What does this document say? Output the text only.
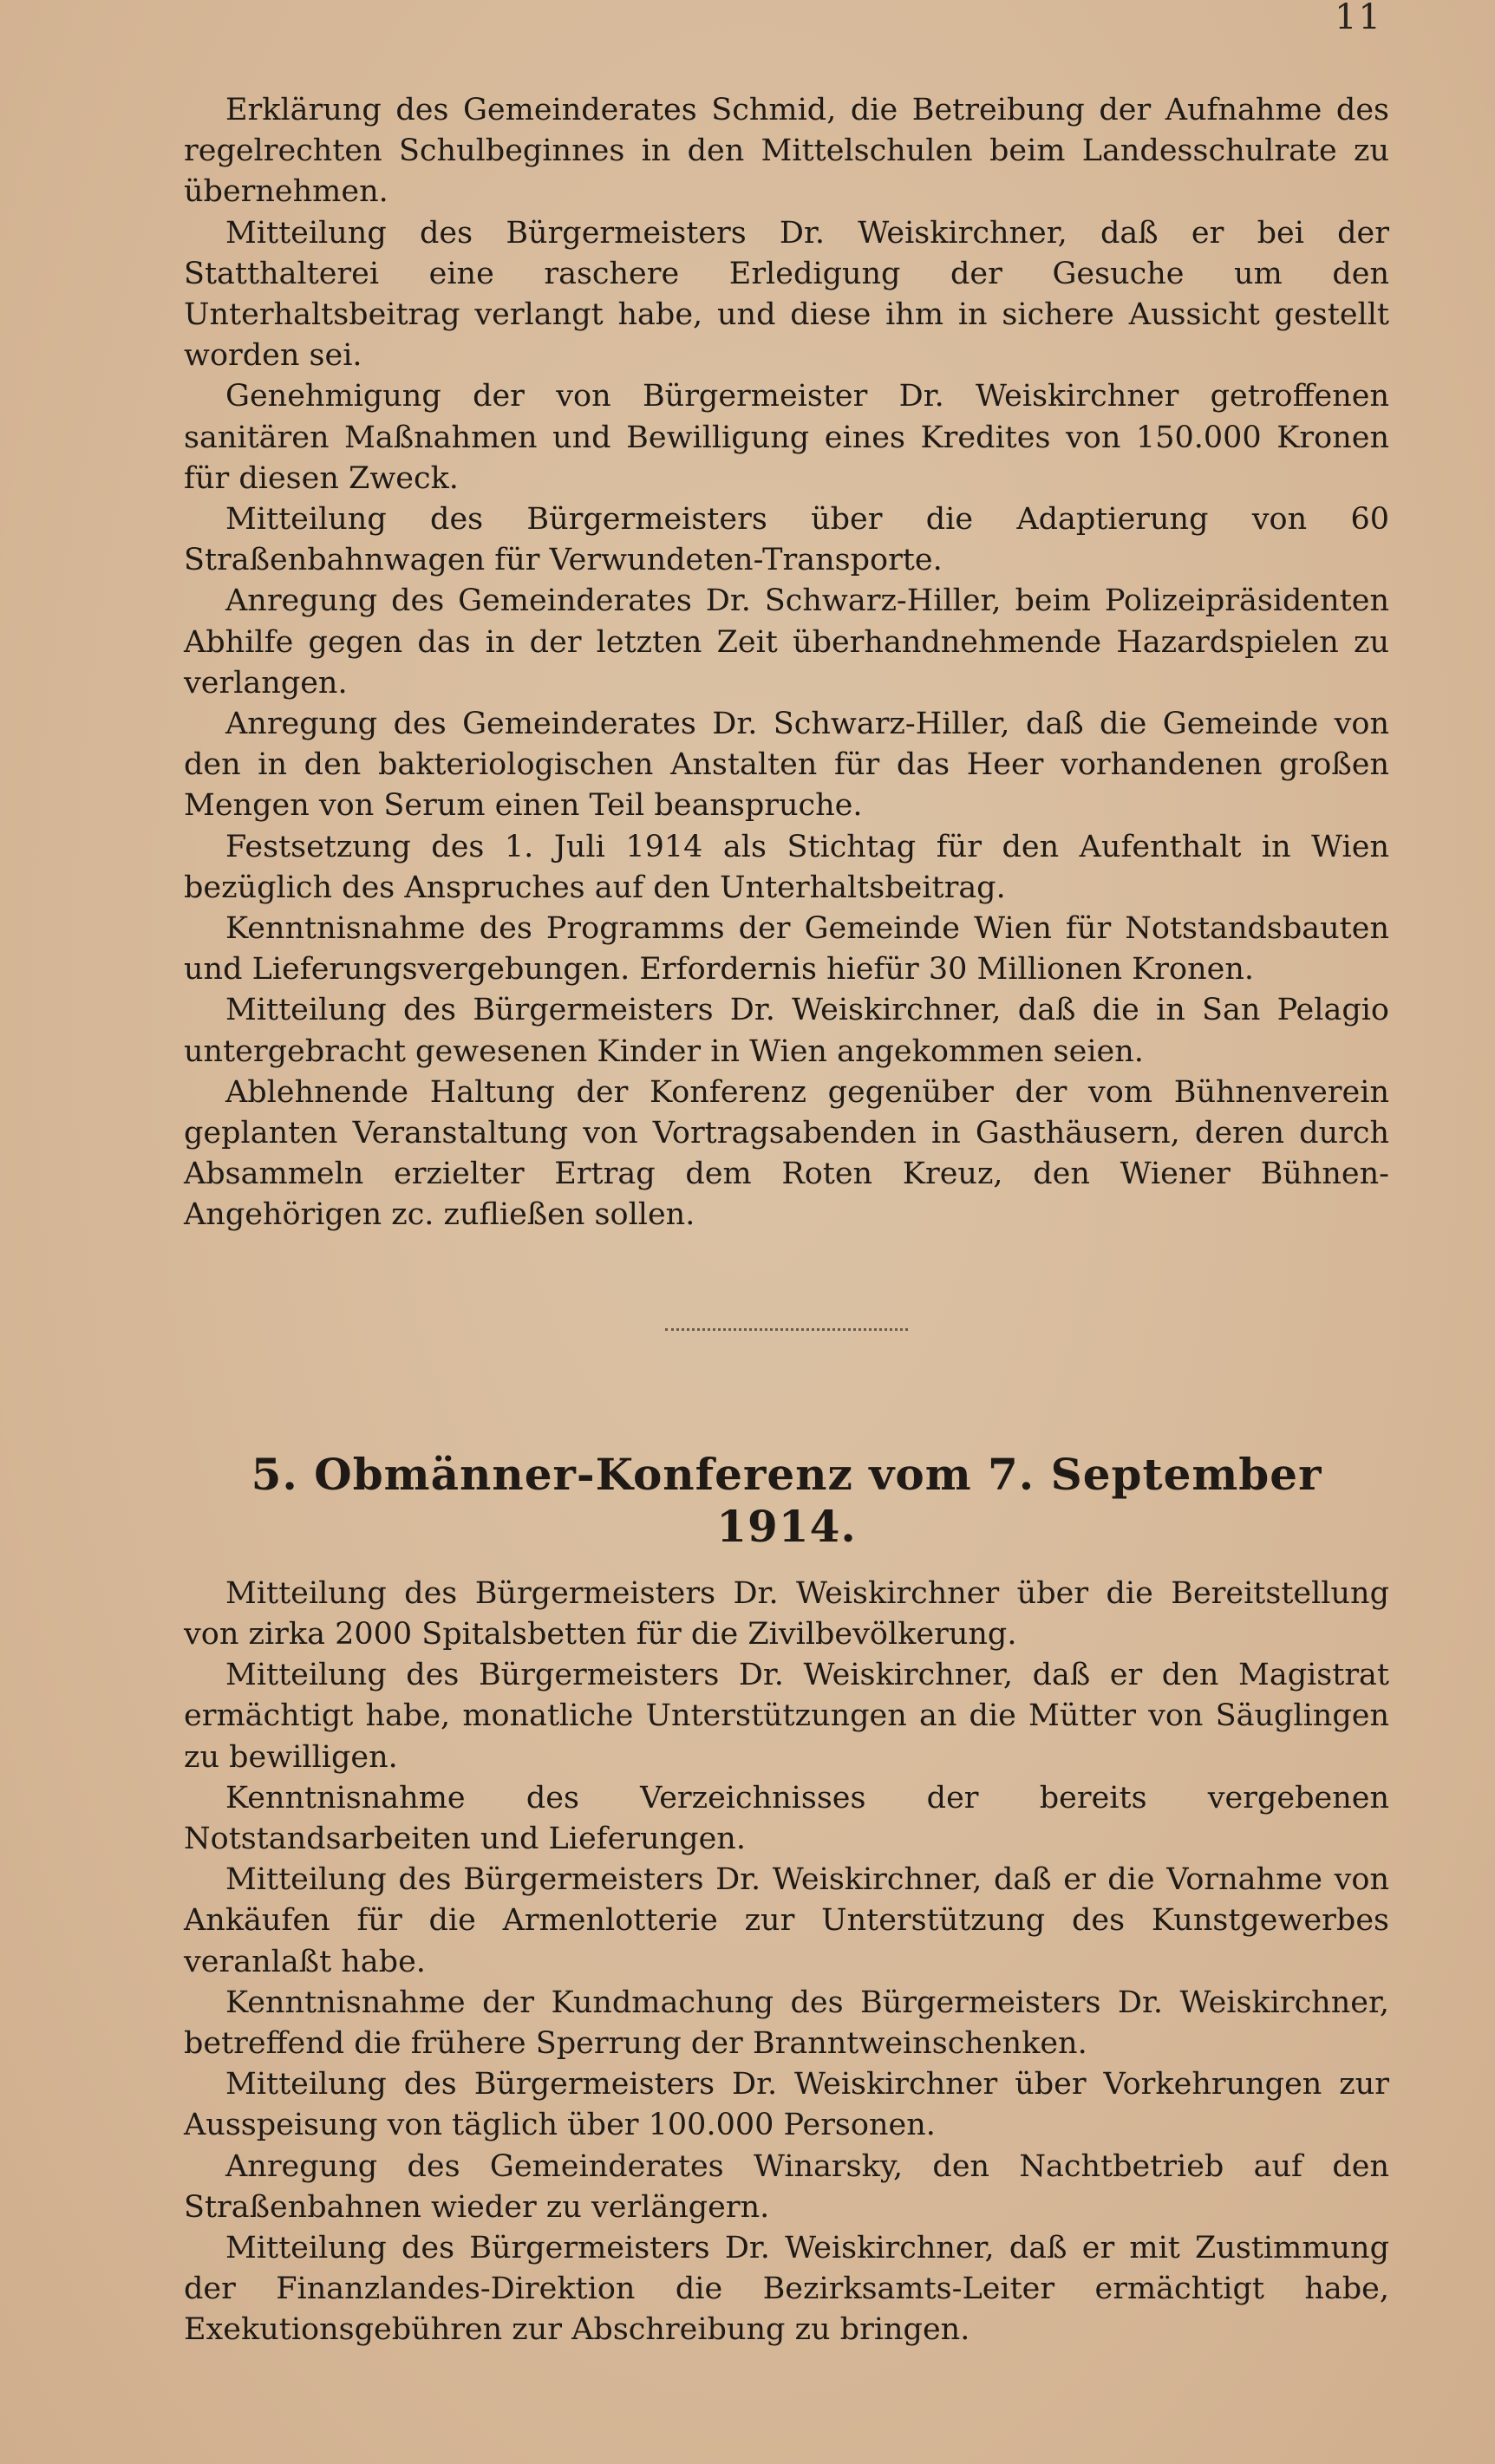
11

Erklärung des Gemeinderates Schmid, die Betreibung der Aufnahme des regelrechten Schulbeginnes in den Mittelschulen beim Landesschulrate zu übernehmen.

Mitteilung des Bürgermeisters Dr. Weiskirchner, daß er bei der Statthalterei eine raschere Erledigung der Gesuche um den Unterhaltsbeitrag verlangt habe, und diese ihm in sichere Aussicht gestellt worden sei.

Genehmigung der von Bürgermeister Dr. Weiskirchner getroffenen sanitären Maßnahmen und Bewilligung eines Kredites von 150.000 Kronen für diesen Zweck.

Mitteilung des Bürgermeisters über die Adaptierung von 60 Straßenbahnwagen für Verwundeten-Transporte.

Anregung des Gemeinderates Dr. Schwarz-Hiller, beim Polizeipräsidenten Abhilfe gegen das in der letzten Zeit überhandnehmende Hazardspielen zu verlangen.

Anregung des Gemeinderates Dr. Schwarz-Hiller, daß die Gemeinde von den in den bakteriologischen Anstalten für das Heer vorhandenen großen Mengen von Serum einen Teil beanspruche.

Festsetzung des 1. Juli 1914 als Stichtag für den Aufenthalt in Wien bezüglich des Anspruches auf den Unterhaltsbeitrag.

Kenntnisnahme des Programms der Gemeinde Wien für Notstandsbauten und Lieferungsvergebungen. Erfordernis hiefür 30 Millionen Kronen.

Mitteilung des Bürgermeisters Dr. Weiskirchner, daß die in San Pelagio untergebracht gewesenen Kinder in Wien angekommen seien.

Ablehnende Haltung der Konferenz gegenüber der vom Bühnenverein geplanten Veranstaltung von Vortragsabenden in Gasthäusern, deren durch Absammeln erzielter Ertrag dem Roten Kreuz, den Wiener Bühnen-Angehörigen zc. zufließen sollen.

5. Obmänner-Konferenz vom 7. September 1914.

Mitteilung des Bürgermeisters Dr. Weiskirchner über die Bereitstellung von zirka 2000 Spitalsbetten für die Zivilbevölkerung.

Mitteilung des Bürgermeisters Dr. Weiskirchner, daß er den Magistrat ermächtigt habe, monatliche Unterstützungen an die Mütter von Säuglingen zu bewilligen.

Kenntnisnahme des Verzeichnisses der bereits vergebenen Notstandsarbeiten und Lieferungen.

Mitteilung des Bürgermeisters Dr. Weiskirchner, daß er die Vornahme von Ankäufen für die Armenlotterie zur Unterstützung des Kunstgewerbes veranlaßt habe.

Kenntnisnahme der Kundmachung des Bürgermeisters Dr. Weiskirchner, betreffend die frühere Sperrung der Branntweinschenken.

Mitteilung des Bürgermeisters Dr. Weiskirchner über Vorkehrungen zur Ausspeisung von täglich über 100.000 Personen.

Anregung des Gemeinderates Winarsky, den Nachtbetrieb auf den Straßenbahnen wieder zu verlängern.

Mitteilung des Bürgermeisters Dr. Weiskirchner, daß er mit Zustimmung der Finanzlandes-Direktion die Bezirksamts-Leiter ermächtigt habe, Exekutionsgebühren zur Abschreibung zu bringen.
